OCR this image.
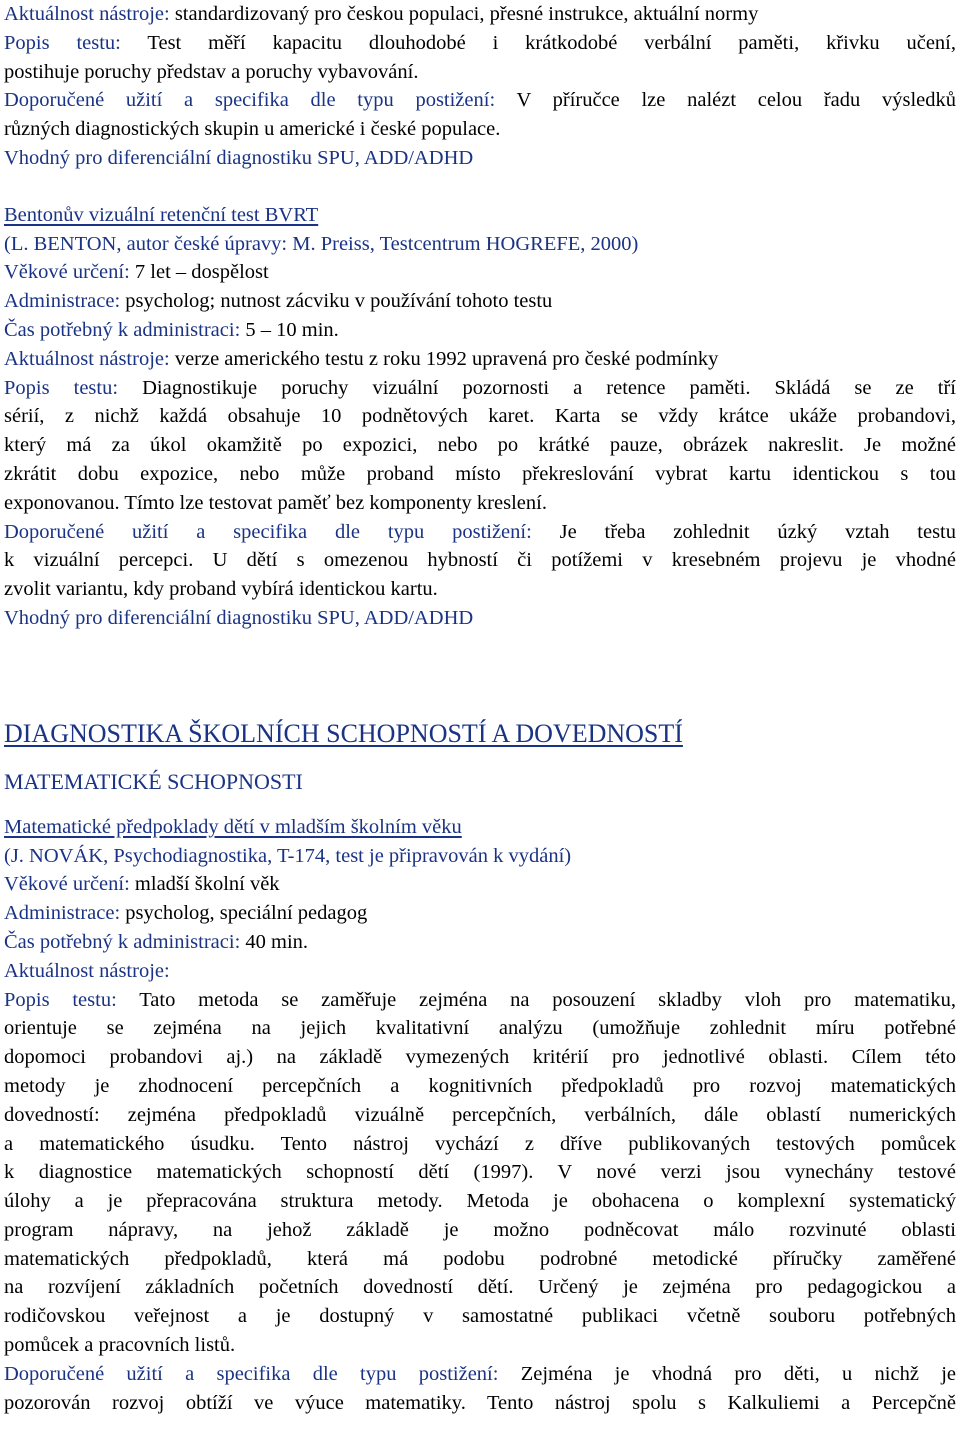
Aktuálnost nástroje: standardizovaný pro českou populaci, přesné instrukce, aktuální normy
Popis testu: Test měří kapacitu dlouhodobé i krátkodobé verbální paměti, křivku učení,
postihuje poruchy představ a poruchy vybavování.
Doporučené užití a specifika dle typu postižení: V příručce lze nalézt celou řadu výsledků
různých diagnostických skupin u americké i české populace.
Vhodný pro diferenciální diagnostiku SPU, ADD/ADHD
Bentonův vizuální retenční test BVRT
(L. BENTON, autor české úpravy: M. Preiss, Testcentrum HOGREFE, 2000)
Věkové určení: 7 let – dospělost
Administrace: psycholog; nutnost zácviku v používání tohoto testu
Čas potřebný k administraci: 5 – 10 min.
Aktuálnost nástroje: verze amerického testu z roku 1992 upravená pro české podmínky
Popis testu: Diagnostikuje poruchy vizuální pozornosti a retence paměti. Skládá se ze tří
sérií, z nichž každá obsahuje 10 podnětových karet. Karta se vždy krátce ukáže probandovi,
který má za úkol okamžitě po expozici, nebo po krátké pauze, obrázek nakreslit. Je možné
zkrátit dobu expozice, nebo může proband místo překreslování vybrat kartu identickou s tou
exponovanou. Tímto lze testovat paměť bez komponenty kreslení.
Doporučené užití a specifika dle typu postižení: Je třeba zohlednit úzký vztah testu
k vizuální percepci. U dětí s omezenou hybností či potížemi v kresebném projevu je vhodné
zvolit variantu, kdy proband vybírá identickou kartu.
Vhodný pro diferenciální diagnostiku SPU, ADD/ADHD
DIAGNOSTIKA ŠKOLNÍCH SCHOPNOSTÍ A DOVEDNOSTÍ
MATEMATICKÉ SCHOPNOSTI
Matematické předpoklady dětí v mladším školním věku
(J. NOVÁK, Psychodiagnostika, T-174, test je připravován k vydání)
Věkové určení: mladší školní věk
Administrace: psycholog, speciální pedagog
Čas potřebný k administraci: 40 min.
Aktuálnost nástroje:
Popis testu: Tato metoda se zaměřuje zejména na posouzení skladby vloh pro matematiku,
orientuje se zejména na jejich kvalitativní analýzu (umožňuje zohlednit míru potřebné
dopomoci probandovi aj.) na základě vymezených kritérií pro jednotlivé oblasti. Cílem této
metody je zhodnocení percepčních a kognitivních předpokladů pro rozvoj matematických
dovedností: zejména předpokladů vizuálně percepčních, verbálních, dále oblastí numerických
a matematického úsudku. Tento nástroj vychází z dříve publikovaných testových pomůcek
k diagnostice matematických schopností dětí (1997). V nové verzi jsou vynechány testové
úlohy a je přepracována struktura metody. Metoda je obohacena o komplexní systematický
program nápravy, na jehož základě je možno podněcovat málo rozvinuté oblasti
matematických předpokladů, která má podobu podrobné metodické příručky zaměřené
na rozvíjení základních početních dovedností dětí. Určený je zejména pro pedagogickou a
rodičovskou veřejnost a je dostupný v samostatné publikaci včetně souboru potřebných
pomůcek a pracovních listů.
Doporučené užití a specifika dle typu postižení: Zejména je vhodná pro děti, u nichž je
pozorován rozvoj obtíží ve výuce matematiky. Tento nástroj spolu s Kalkuliemi a Percepčně
